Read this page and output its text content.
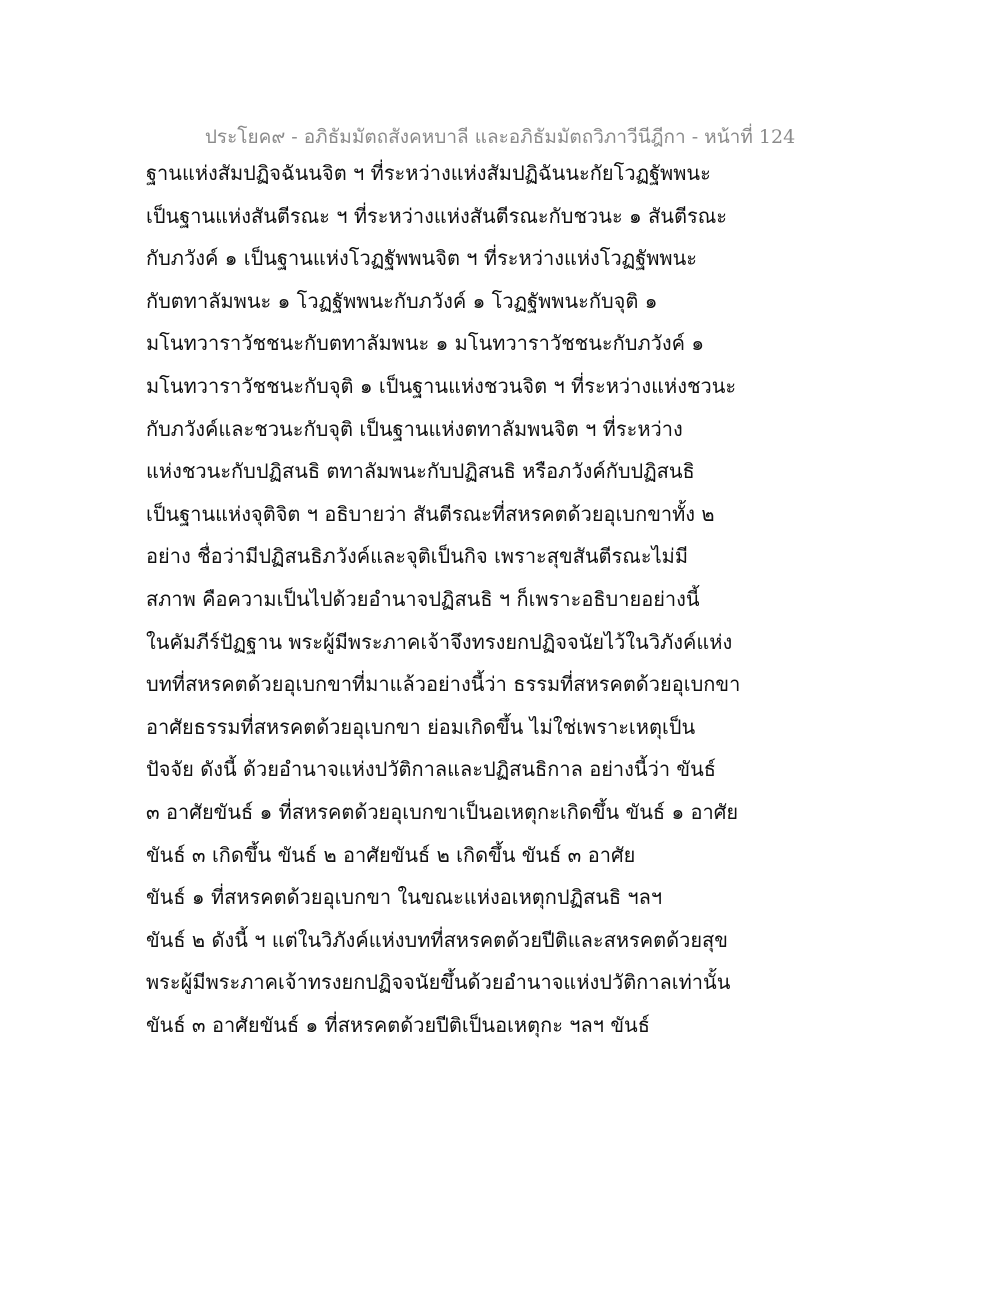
ประโยค๙ - อภิธัมมัตถสังคหบาลี และอภิธัมมัตถวิภาวีนีฎีกา - หน้าที่ 124
ฐานแห่งสัมปฏิจฉันนจิต ฯ ที่ระหว่างแห่งสัมปฏิฉันนะกัยโวฏฐัพพนะ
เป็นฐานแห่งสันตีรณะ ฯ ที่ระหว่างแห่งสันตีรณะกับชวนะ ๑ สันตีรณะ
กับภวังค์ ๑ เป็นฐานแห่งโวฏฐัพพนจิต ฯ ที่ระหว่างแห่งโวฏฐัพพนะ
กับตทาลัมพนะ ๑ โวฏฐัพพนะกับภวังค์ ๑ โวฏฐัพพนะกับจุติ ๑
มโนทวาราวัชชนะกับตทาลัมพนะ ๑ มโนทวาราวัชชนะกับภวังค์ ๑
มโนทวาราวัชชนะกับจุติ ๑ เป็นฐานแห่งชวนจิต ฯ ที่ระหว่างแห่งชวนะ
กับภวังค์และชวนะกับจุติ เป็นฐานแห่งตทาลัมพนจิต ฯ ที่ระหว่าง
แห่งชวนะกับปฏิสนธิ ตทาลัมพนะกับปฏิสนธิ หรือภวังค์กับปฏิสนธิ
เป็นฐานแห่งจุติจิต ฯ อธิบายว่า สันตีรณะที่สหรคตด้วยอุเบกขาทั้ง ๒
อย่าง ชื่อว่ามีปฏิสนธิภวังค์และจุติเป็นกิจ เพราะสุขสันตีรณะไม่มี
สภาพ คือความเป็นไปด้วยอำนาจปฏิสนธิ ฯ ก็เพราะอธิบายอย่างนี้
ในคัมภีร์ปัฏฐาน พระผู้มีพระภาคเจ้าจึงทรงยกปฏิจจนัยไว้ในวิภังค์แห่ง
บทที่สหรคตด้วยอุเบกขาที่มาแล้วอย่างนี้ว่า ธรรมที่สหรคตด้วยอุเบกขา
อาศัยธรรมที่สหรคตด้วยอุเบกขา ย่อมเกิดขึ้น ไม่ใช่เพราะเหตุเป็น
ปัจจัย ดังนี้ ด้วยอำนาจแห่งปวัติกาลและปฏิสนธิกาล อย่างนี้ว่า ขันธ์
๓ อาศัยขันธ์ ๑ ที่สหรคตด้วยอุเบกขาเป็นอเหตุกะเกิดขึ้น ขันธ์ ๑ อาศัย
ขันธ์ ๓ เกิดขึ้น ขันธ์ ๒ อาศัยขันธ์ ๒ เกิดขึ้น ขันธ์ ๓ อาศัย
ขันธ์ ๑ ที่สหรคตด้วยอุเบกขา ในขณะแห่งอเหตุกปฏิสนธิ ฯลฯ
ขันธ์ ๒ ดังนี้ ฯ แต่ในวิภังค์แห่งบทที่สหรคตด้วยปีติและสหรคตด้วยสุข
พระผู้มีพระภาคเจ้าทรงยกปฏิจจนัยขึ้นด้วยอำนาจแห่งปวัติกาลเท่านั้น
ขันธ์ ๓ อาศัยขันธ์ ๑ ที่สหรคตด้วยปีติเป็นอเหตุกะ ฯลฯ ขันธ์
